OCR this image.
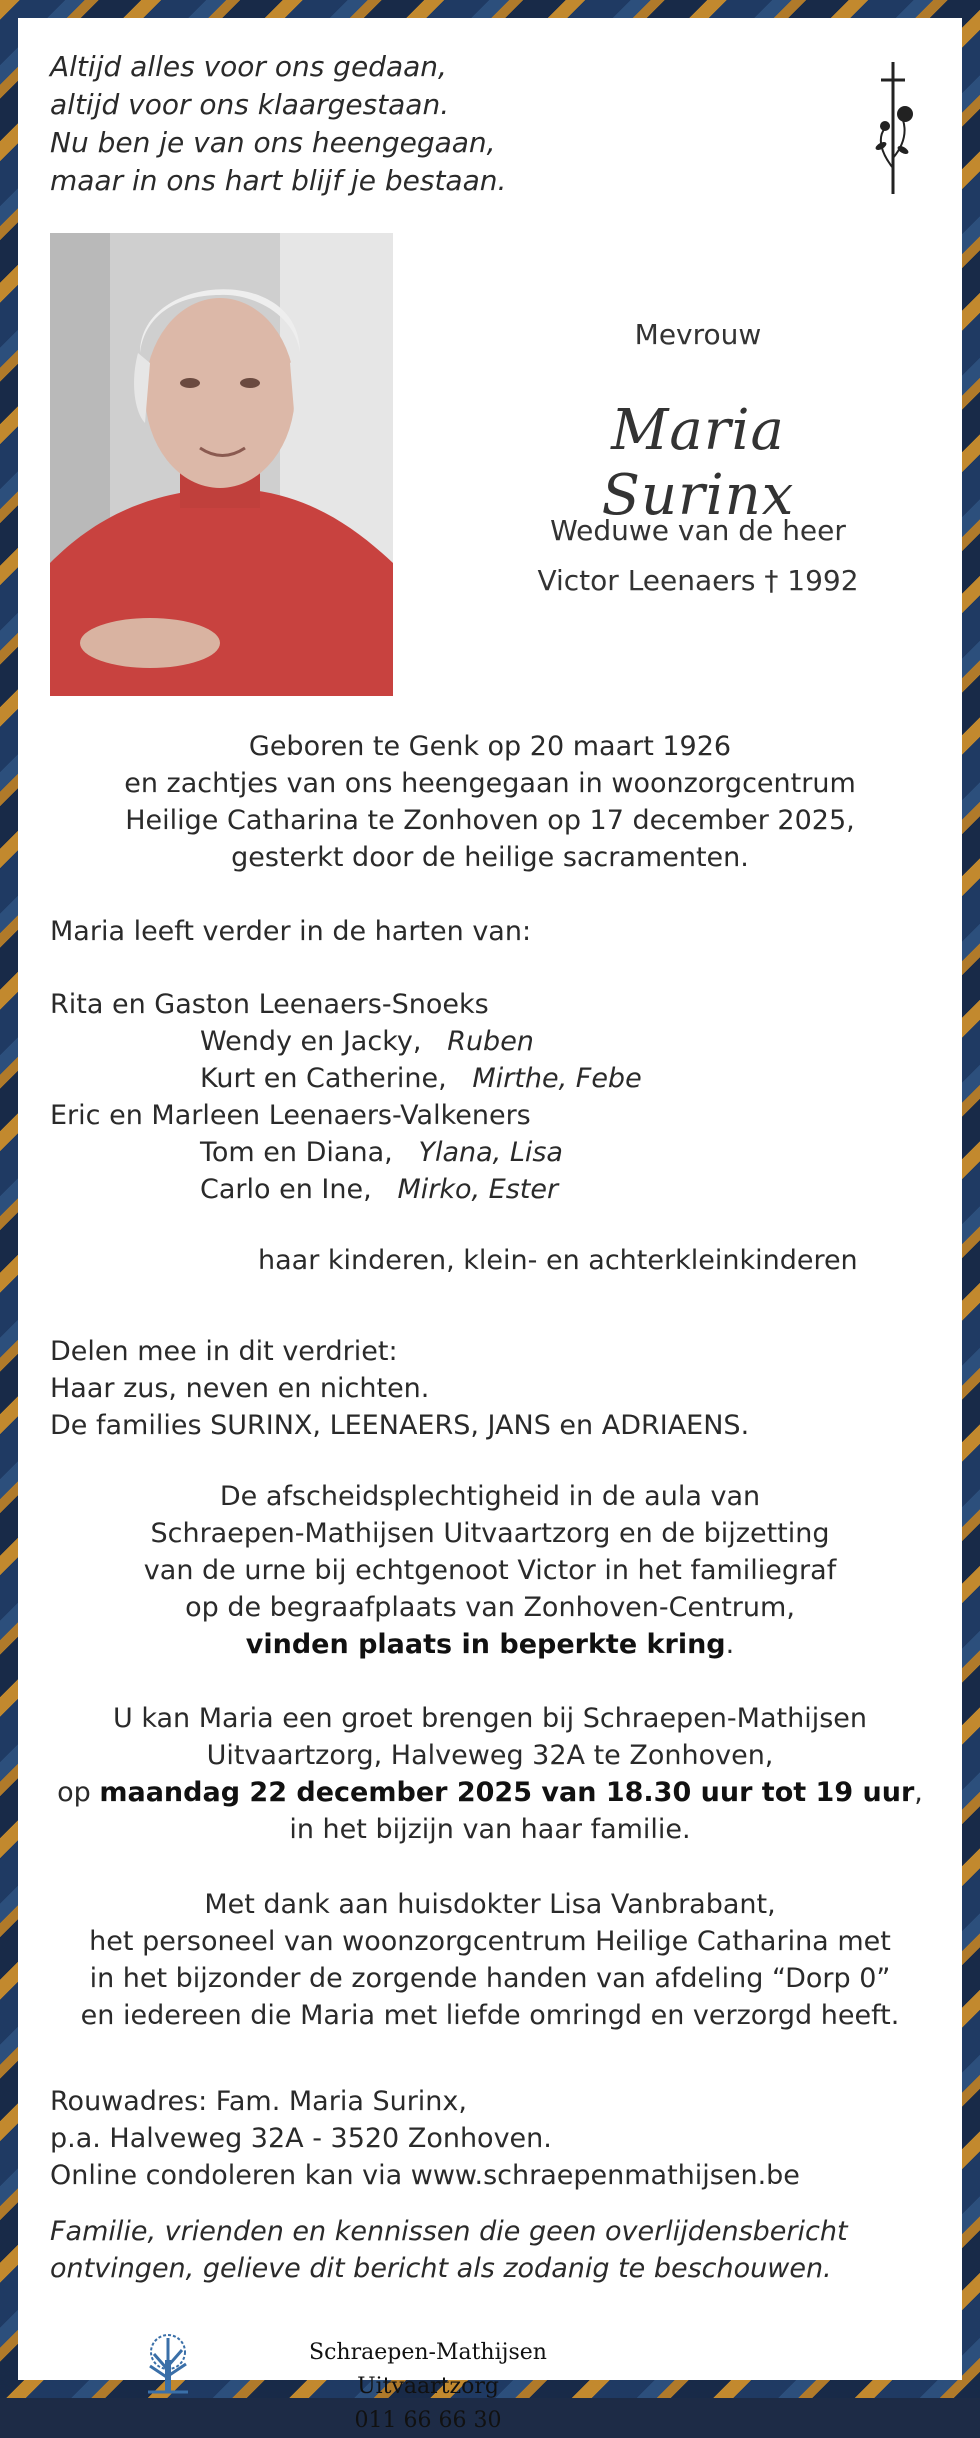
Altijd alles voor ons gedaan,
altijd voor ons klaargestaan.
Nu ben je van ons heengegaan,
maar in ons hart blijf je bestaan.
Mevrouw
Maria Surinx
Weduwe van de heer
Victor Leenaers † 1992
Geboren te Genk op 20 maart 1926
en zachtjes van ons heengegaan in woonzorgcentrum
Heilige Catharina te Zonhoven op 17 december 2025,
gesterkt door de heilige sacramenten.
Maria leeft verder in de harten van:
Rita en Gaston Leenaers-Snoeks
Wendy en Jacky, Ruben
Kurt en Catherine, Mirthe, Febe
Eric en Marleen Leenaers-Valkeners
Tom en Diana, Ylana, Lisa
Carlo en Ine, Mirko, Ester
haar kinderen, klein- en achterkleinkinderen
Delen mee in dit verdriet:
Haar zus, neven en nichten.
De families SURINX, LEENAERS, JANS en ADRIAENS.
De afscheidsplechtigheid in de aula van
Schraepen-Mathijsen Uitvaartzorg en de bijzetting
van de urne bij echtgenoot Victor in het familiegraf
op de begraafplaats van Zonhoven-Centrum,
vinden plaats in beperkte kring.
U kan Maria een groet brengen bij Schraepen-Mathijsen
Uitvaartzorg, Halveweg 32A te Zonhoven,
op maandag 22 december 2025 van 18.30 uur tot 19 uur,
in het bijzijn van haar familie.
Met dank aan huisdokter Lisa Vanbrabant,
het personeel van woonzorgcentrum Heilige Catharina met
in het bijzonder de zorgende handen van afdeling “Dorp 0”
en iedereen die Maria met liefde omringd en verzorgd heeft.
Rouwadres: Fam. Maria Surinx,
p.a. Halveweg 32A - 3520 Zonhoven.
Online condoleren kan via www.schraepenmathijsen.be
Familie, vrienden en kennissen die geen overlijdensbericht
ontvingen, gelieve dit bericht als zodanig te beschouwen.
Schraepen-Mathijsen Uitvaartzorg
011 66 66 30
